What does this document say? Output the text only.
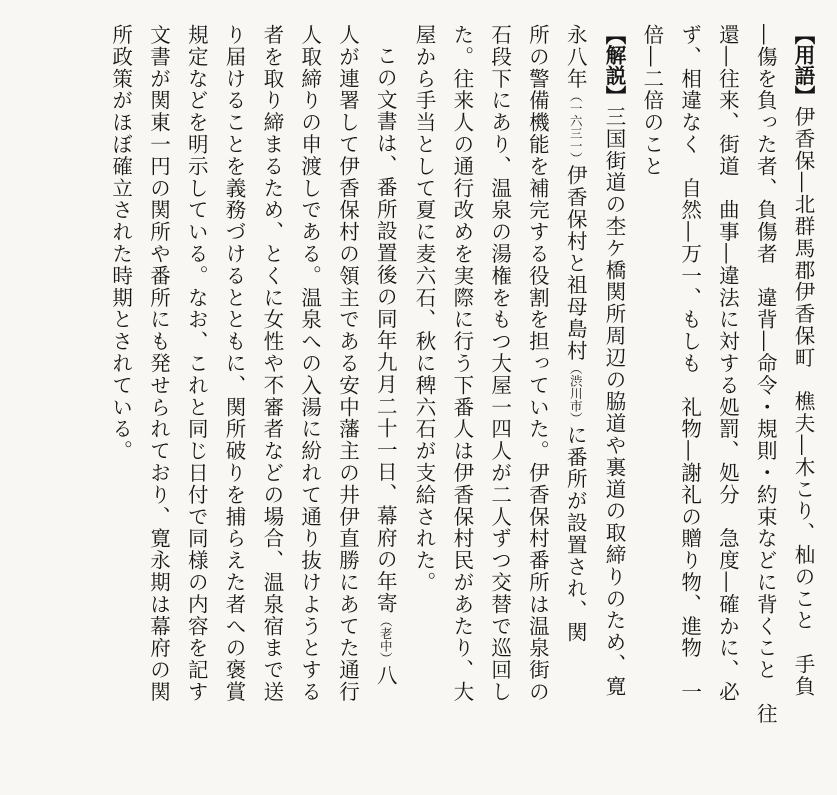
【用語】伊香保―北群馬郡伊香保町　樵夫―木こり、杣のこと　手負
―傷を負った者、負傷者　違背―命令・規則・約束などに背くこと　往
還―往来、街道　曲事―違法に対する処罰、処分　急度―確かに、必
ず、相違なく　自然―万一、もしも　礼物―謝礼の贈り物、進物　一
倍―二倍のこと
【解説】三国街道の杢ケ橋関所周辺の脇道や裏道の取締りのため、寛
永八年（一六三一）伊香保村と祖母島村（渋川市）に番所が設置され、関
所の警備機能を補完する役割を担っていた。伊香保村番所は温泉街の
石段下にあり、温泉の湯権をもつ大屋一四人が二人ずつ交替で巡回し
た。往来人の通行改めを実際に行う下番人は伊香保村民があたり、大
屋から手当として夏に麦六石、秋に稗六石が支給された。
この文書は、番所設置後の同年九月二十一日、幕府の年寄（老中）八
人が連署して伊香保村の領主である安中藩主の井伊直勝にあてた通行
人取締りの申渡しである。温泉への入湯に紛れて通り抜けようとする
者を取り締まるため、とくに女性や不審者などの場合、温泉宿まで送
り届けることを義務づけるとともに、関所破りを捕らえた者への褒賞
規定などを明示している。なお、これと同じ日付で同様の内容を記す
文書が関東一円の関所や番所にも発せられており、寛永期は幕府の関
所政策がほぼ確立された時期とされている。
